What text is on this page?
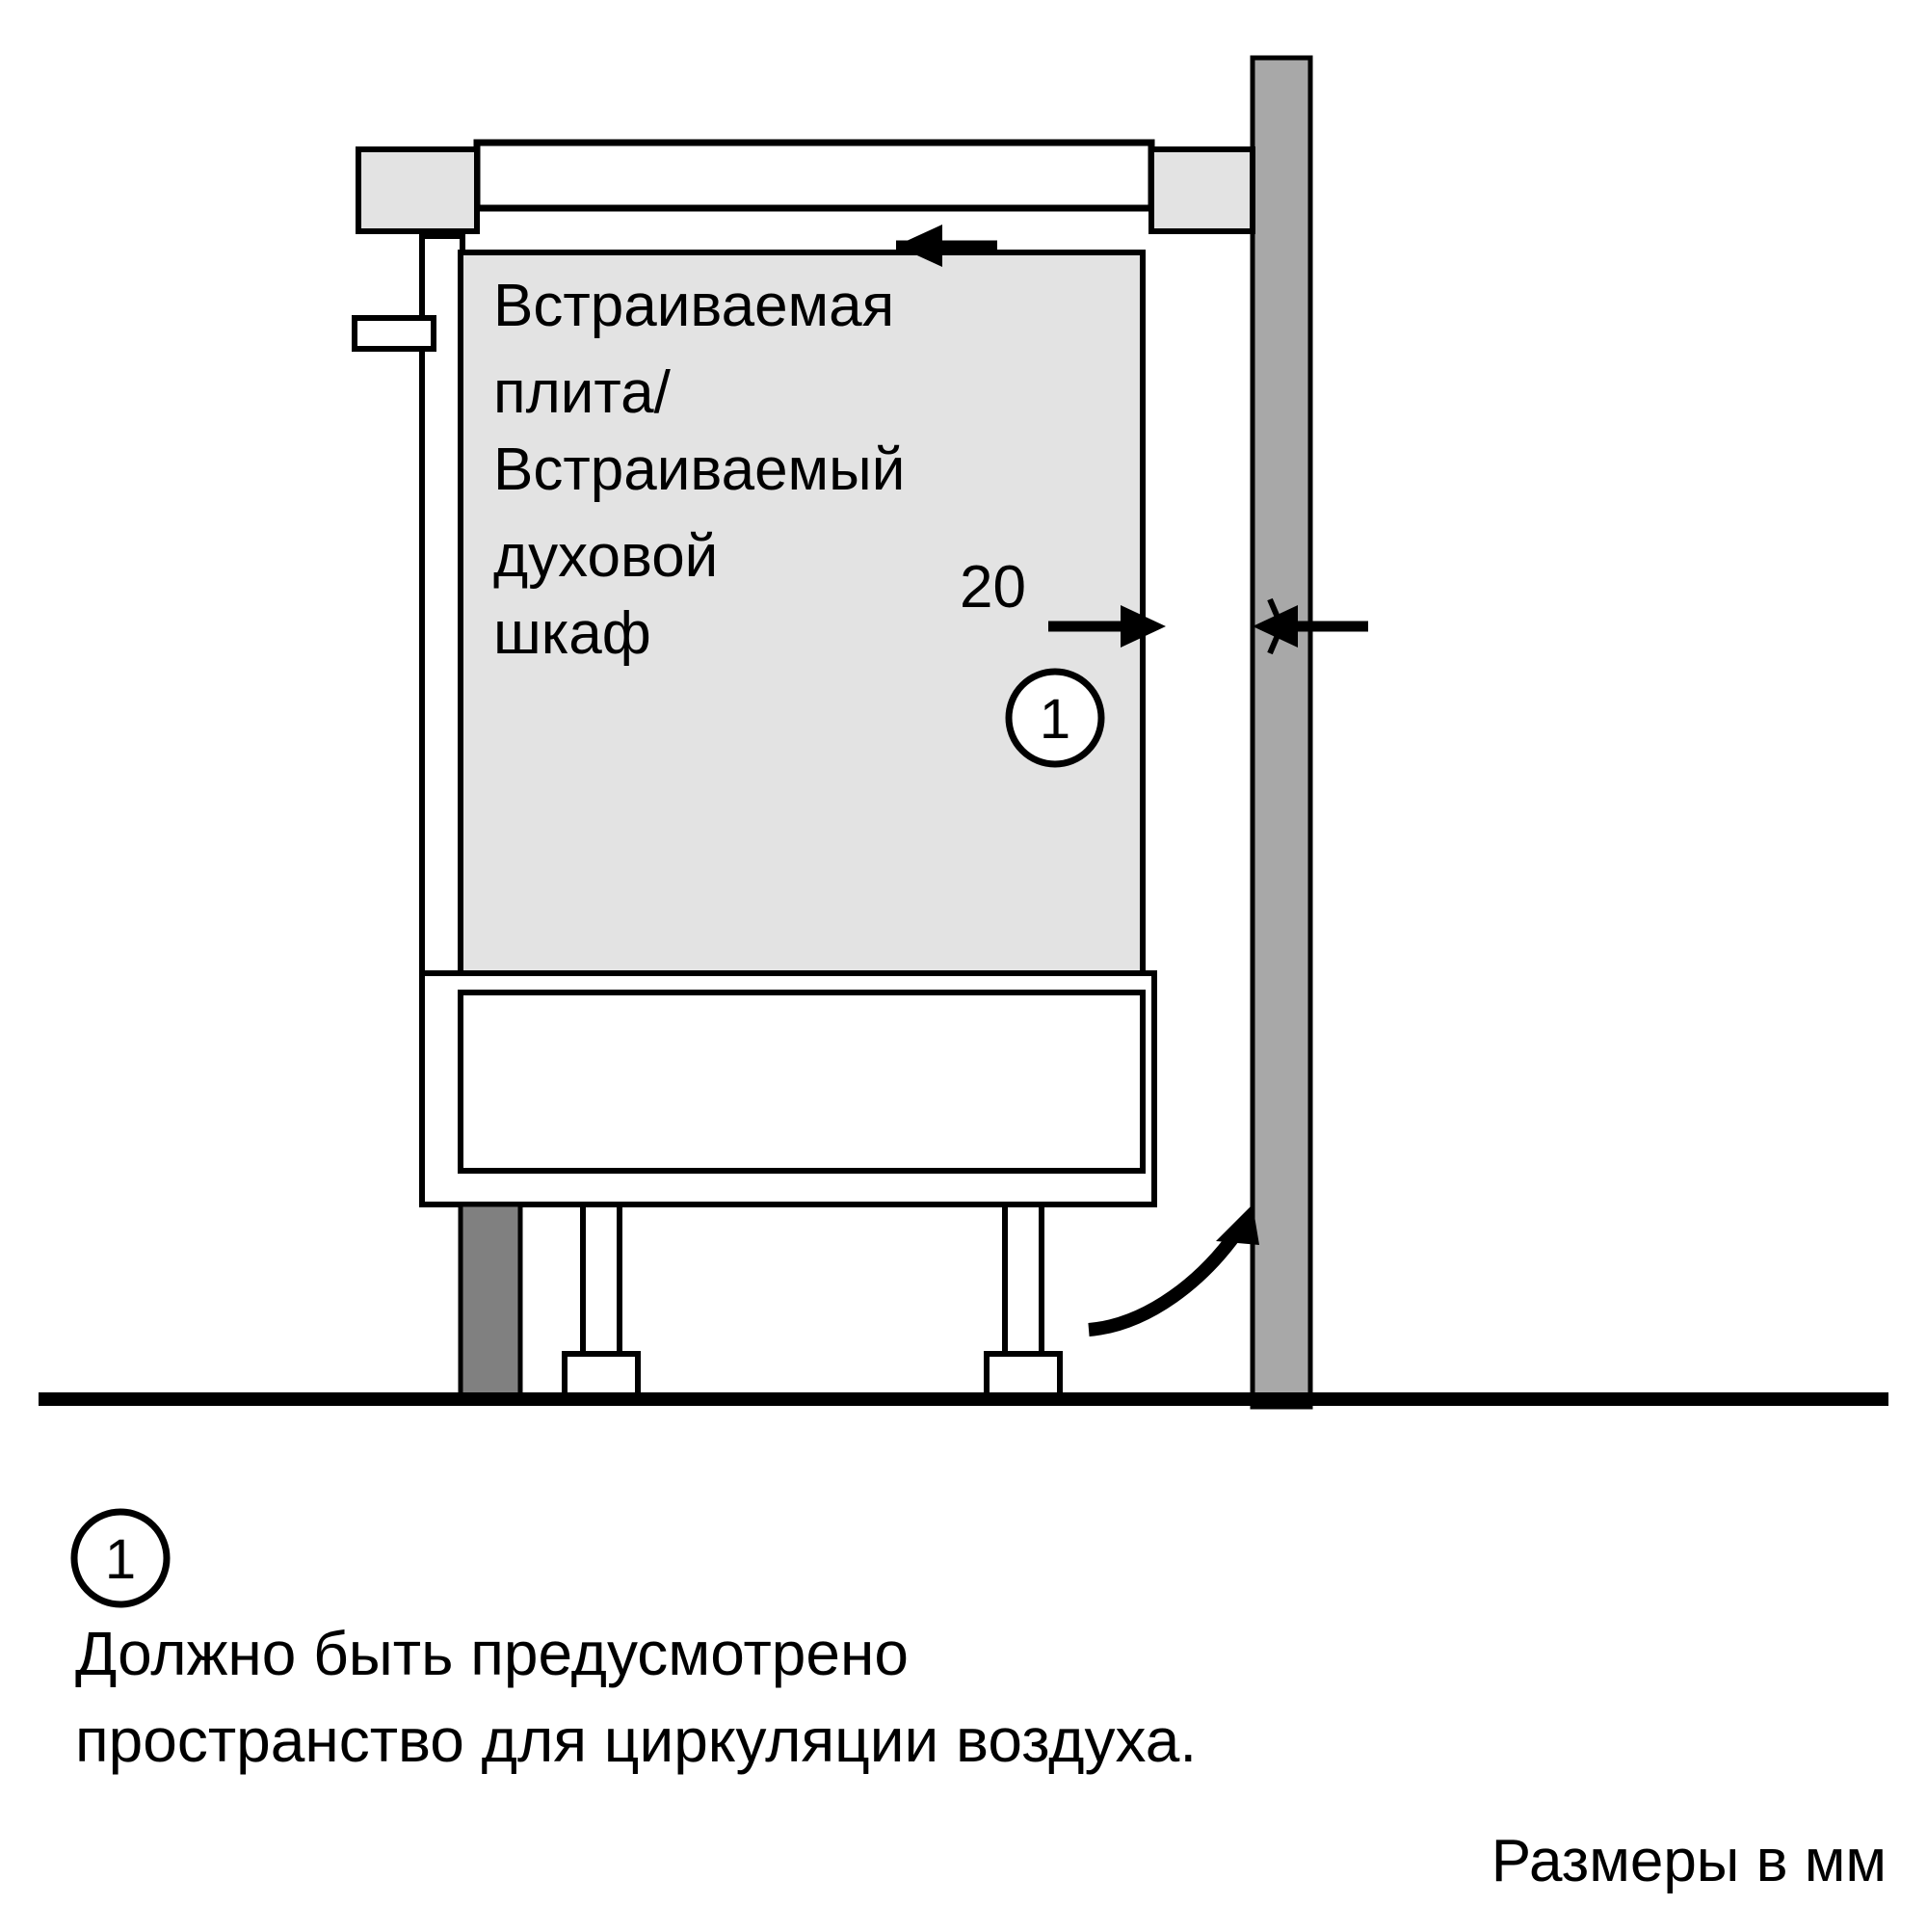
Встраиваемая
плита/
Встраиваемый
духовой
шкаф
20
1
1
Должно быть предусмотрено
пространство для циркуляции воздуха.
Размеры в мм
